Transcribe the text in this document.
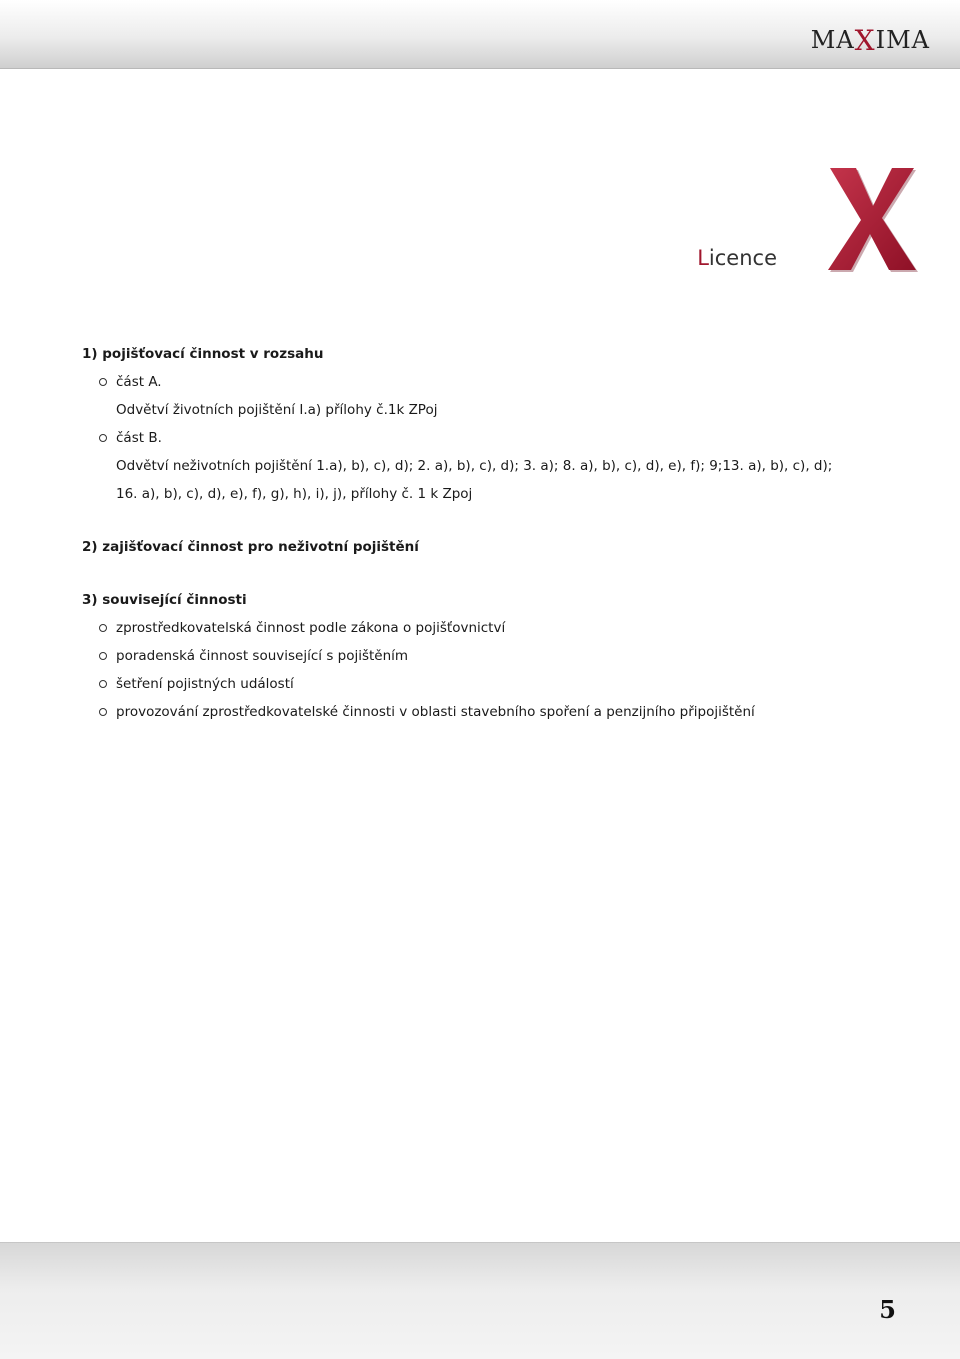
MAXIMA
Licence
1) pojišťovací činnost v rozsahu
část A.
Odvětví životních pojištění I.a) přílohy č.1k ZPoj
část B.
Odvětví neživotních pojištění 1.a), b), c), d); 2. a), b), c), d); 3. a); 8. a), b), c), d), e), f); 9;13. a), b), c), d);
16. a), b), c), d), e), f), g), h), i), j), přílohy č. 1 k Zpoj
2) zajišťovací činnost pro neživotní pojištění
3) související činnosti
zprostředkovatelská činnost podle zákona o pojišťovnictví
poradenská činnost související s pojištěním
šetření pojistných událostí
provozování zprostředkovatelské činnosti v oblasti stavebního spoření a penzijního připojištění
5
